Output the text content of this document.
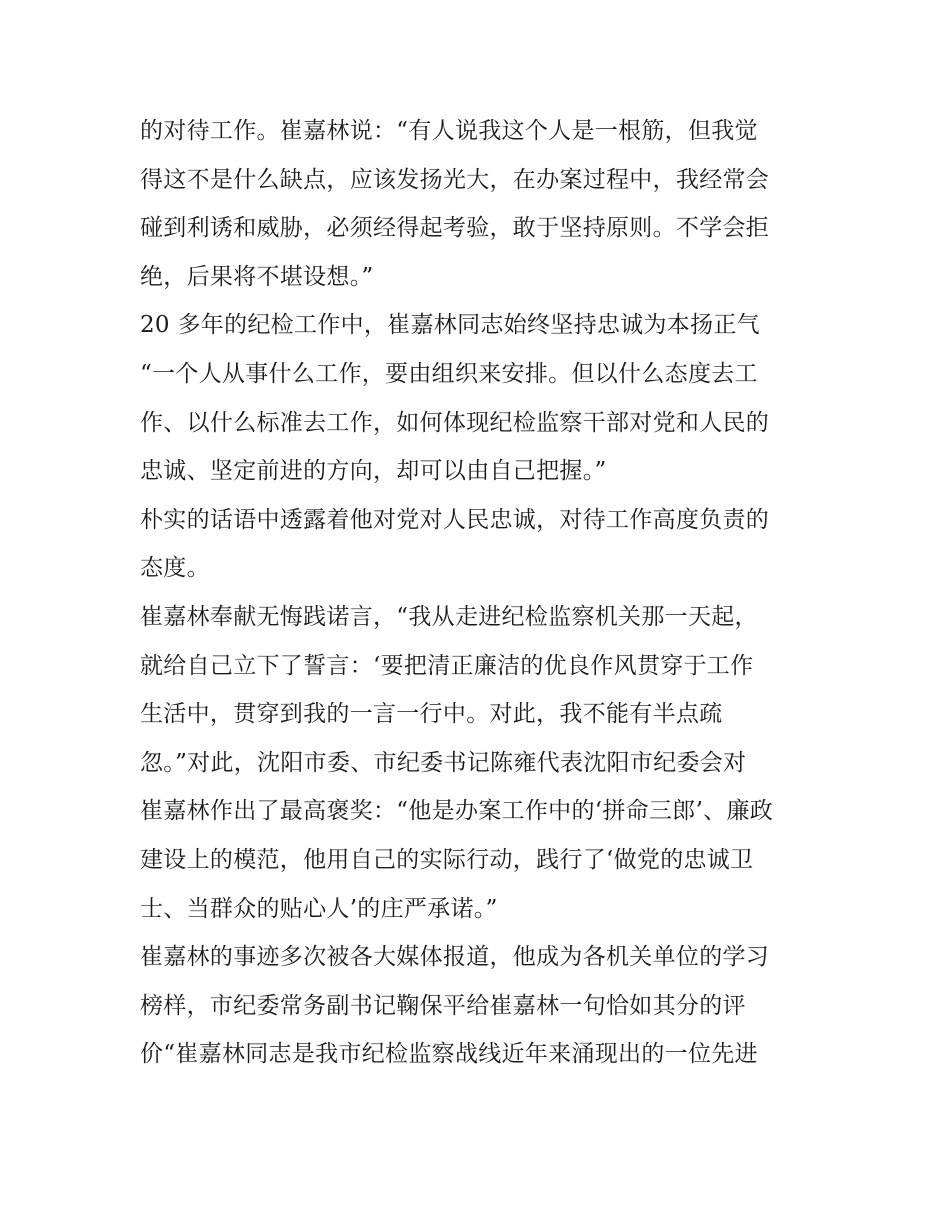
的对待工作。崔嘉林说：“有人说我这个人是一根筋，但我觉
得这不是什么缺点，应该发扬光大，在办案过程中，我经常会
碰到利诱和威胁，必须经得起考验，敢于坚持原则。不学会拒
绝，后果将不堪设想。”
20 多年的纪检工作中，崔嘉林同志始终坚持忠诚为本扬正气
“一个人从事什么工作，要由组织来安排。但以什么态度去工
作、以什么标准去工作，如何体现纪检监察干部对党和人民的
忠诚、坚定前进的方向，却可以由自己把握。”
朴实的话语中透露着他对党对人民忠诚，对待工作高度负责的
态度。
崔嘉林奉献无悔践诺言，“我从走进纪检监察机关那一天起，
就给自己立下了誓言：‘要把清正廉洁的优良作风贯穿于工作
生活中，贯穿到我的一言一行中。对此，我不能有半点疏
忽。”对此，沈阳市委、市纪委书记陈雍代表沈阳市纪委会对
崔嘉林作出了最高褒奖：“他是办案工作中的‘拼命三郎’、廉政
建设上的模范，他用自己的实际行动，践行了‘做党的忠诚卫
士、当群众的贴心人’的庄严承诺。”
崔嘉林的事迹多次被各大媒体报道，他成为各机关单位的学习
榜样，市纪委常务副书记鞠保平给崔嘉林一句恰如其分的评
价“崔嘉林同志是我市纪检监察战线近年来涌现出的一位先进
